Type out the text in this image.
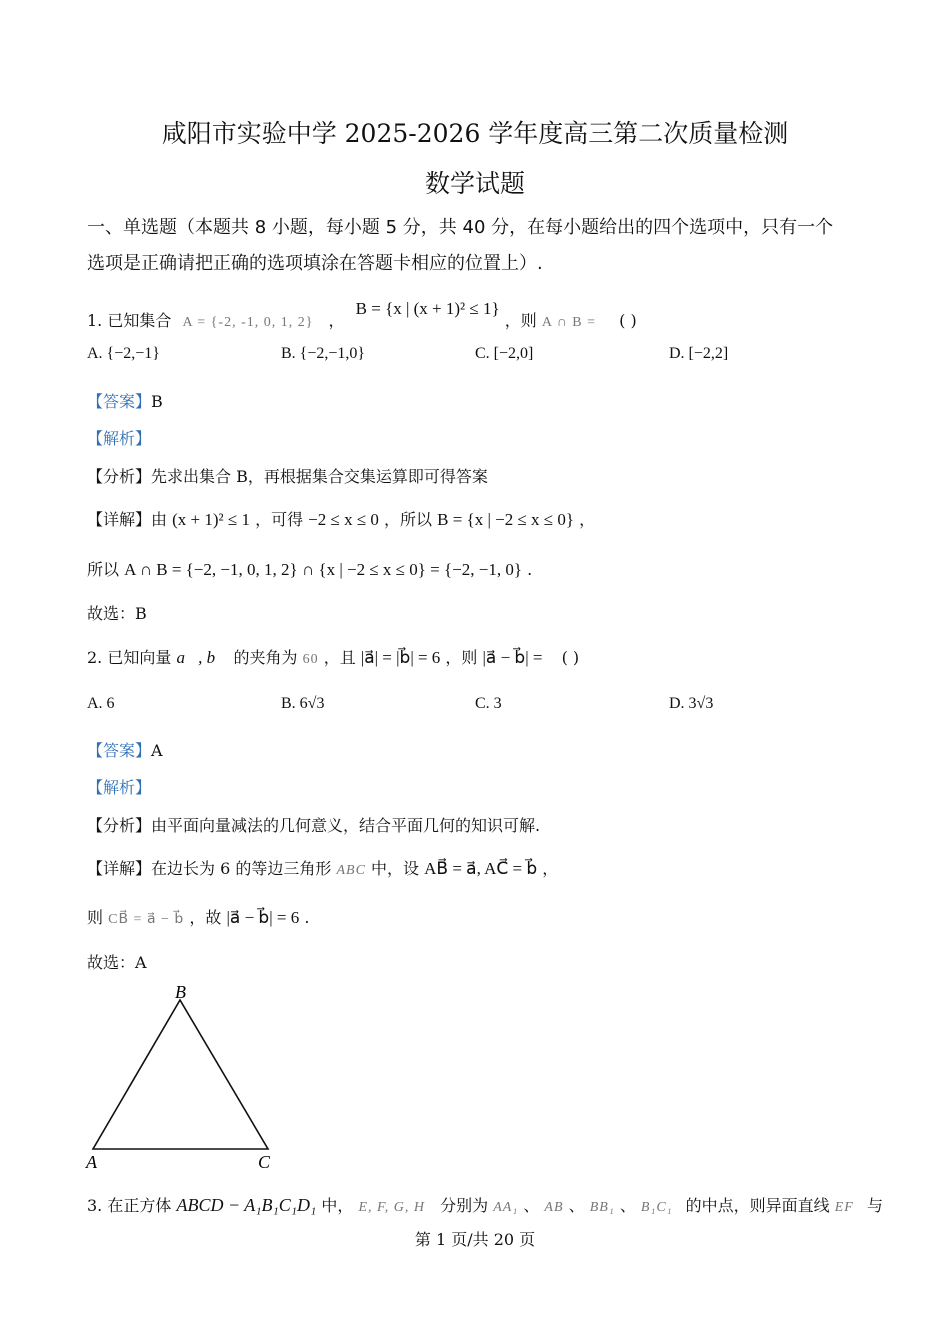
咸阳市实验中学 2025-2026 学年度高三第二次质量检测
数学试题
一、单选题（本题共 8 小题，每小题 5 分，共 40 分，在每小题给出的四个选项中，只有一个
选项是正确请把正确的选项填涂在答题卡相应的位置上）.
1. 已知集合 A = {-2, -1, 0, 1, 2} ， B = {x | (x + 1)² ≤ 1} ，则 A ∩ B = ( )
A. {−2,−1}	B. {−2,−1,0}	C. [−2,0]	D. [−2,2]
【答案】B
【解析】
【分析】先求出集合 B，再根据集合交集运算即可得答案
【详解】由 (x + 1)² ≤ 1 ，可得 −2 ≤ x ≤ 0 ，所以 B = {x | −2 ≤ x ≤ 0} ，
所以 A ∩ B = {−2, −1, 0, 1, 2} ∩ {x | −2 ≤ x ≤ 0} = {−2, −1, 0} .
故选：B
2. 已知向量 a⃗, b⃗ 的夹角为 60 ，且 |a⃗| = |b⃗| = 6 ，则 |a⃗ − b⃗| = ( )
A. 6	B. 6√3	C. 3	D. 3√3
【答案】A
【解析】
【分析】由平面向量减法的几何意义，结合平面几何的知识可解.
【详解】在边长为 6 的等边三角形 ABC 中，设 AB⃗ = a⃗, AC⃗ = b⃗ ，
则 CB⃗ = a⃗ − b⃗ ，故 |a⃗ − b⃗| = 6 .
故选：A
B
A	C
3. 在正方体 ABCD − A₁B₁C₁D₁ 中， E, F, G, H 分别为 AA₁ 、 AB 、 BB₁ 、 B₁C₁ 的中点，则异面直线 EF 与
第 1 页/共 20 页
